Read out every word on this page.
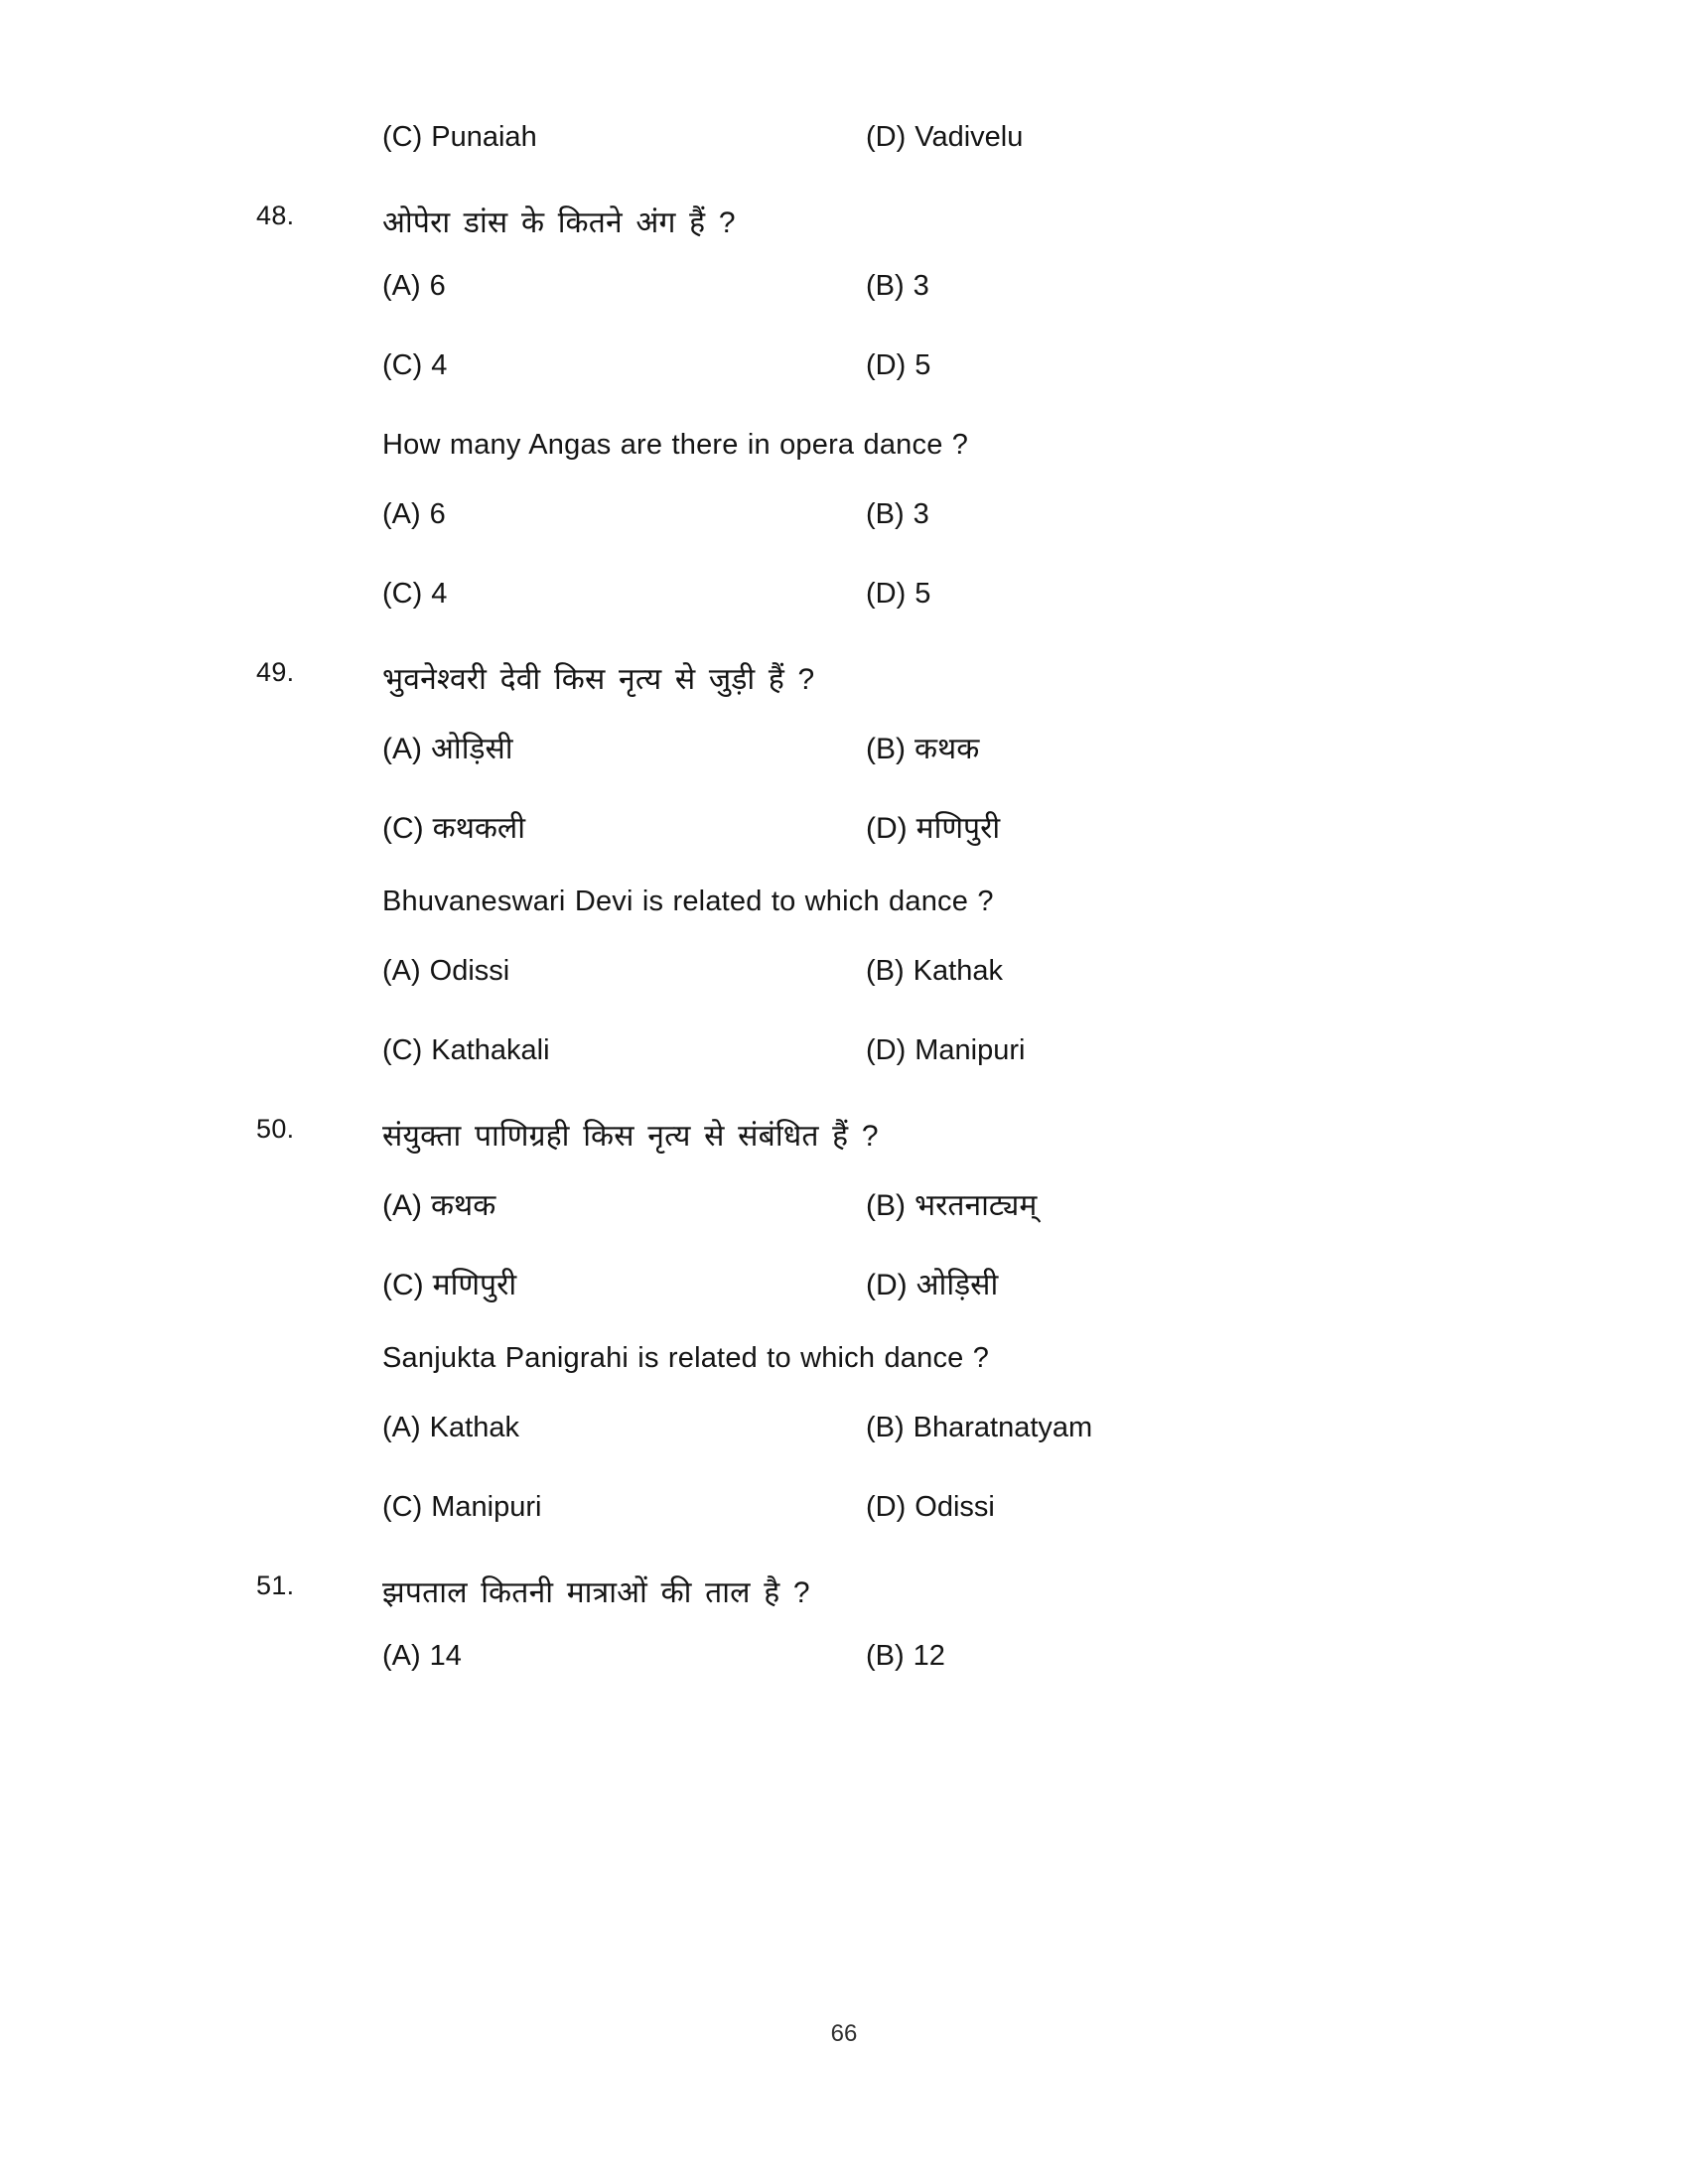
(C) Punaiah	(D) Vadivelu
48.	ओपेरा डांस के कितने अंग हैं ?
(A) 6	(B) 3
(C) 4	(D) 5
How many Angas are there in opera dance ?
(A) 6	(B) 3
(C) 4	(D) 5
49.	भुवनेश्वरी देवी किस नृत्य से जुड़ी हैं ?
(A) ओड़िसी	(B) कथक
(C) कथकली	(D) मणिपुरी
Bhuvaneswari Devi is related to which dance ?
(A) Odissi	(B) Kathak
(C) Kathakali	(D) Manipuri
50.	संयुक्ता पाणिग्रही किस नृत्य से संबंधित हैं ?
(A) कथक	(B) भरतनाट्यम्
(C) मणिपुरी	(D) ओड़िसी
Sanjukta Panigrahi is related to which dance ?
(A) Kathak	(B) Bharatnatyam
(C) Manipuri	(D) Odissi
51.	झपताल कितनी मात्राओं की ताल है ?
(A) 14	(B) 12
66
